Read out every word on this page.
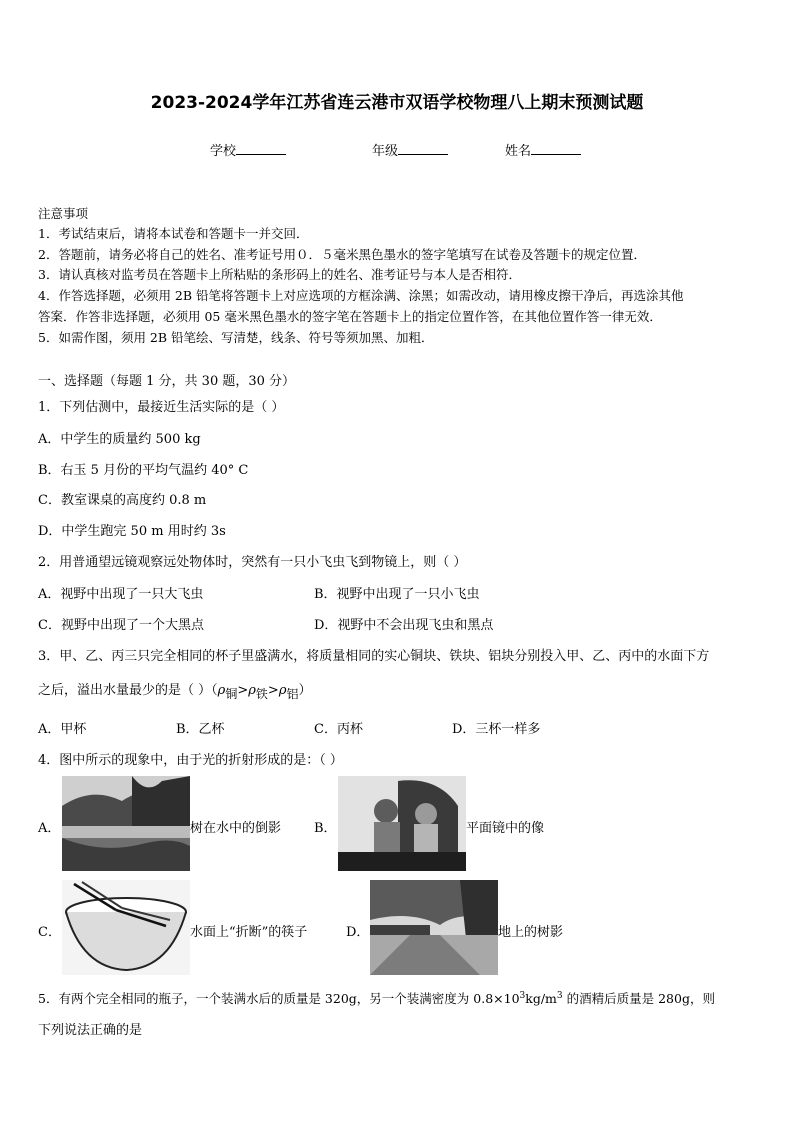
2023-2024学年江苏省连云港市双语学校物理八上期末预测试题
学校	年级	姓名
注意事项
1．考试结束后，请将本试卷和答题卡一并交回．
2．答题前，请务必将自己的姓名、准考证号用０．５毫米黑色墨水的签字笔填写在试卷及答题卡的规定位置．
3．请认真核对监考员在答题卡上所粘贴的条形码上的姓名、准考证号与本人是否相符．
4．作答选择题，必须用 2B 铅笔将答题卡上对应选项的方框涂满、涂黑；如需改动，请用橡皮擦干净后，再选涂其他
答案．作答非选择题，必须用 05 毫米黑色墨水的签字笔在答题卡上的指定位置作答，在其他位置作答一律无效．
5．如需作图，须用 2B 铅笔绘、写清楚，线条、符号等须加黑、加粗．
一、选择题（每题 1 分，共 30 题，30 分）
1．下列估测中，最接近生活实际的是（ ）
A．中学生的质量约 500 kg
B．右玉 5 月份的平均气温约 40° C
C．教室课桌的高度约 0.8 m
D．中学生跑完 50 m 用时约 3s
2．用普通望远镜观察远处物体时，突然有一只小飞虫飞到物镜上，则（ ）
A．视野中出现了一只大飞虫	B．视野中出现了一只小飞虫
C．视野中出现了一个大黑点	D．视野中不会出现飞虫和黑点
3．甲、乙、丙三只完全相同的杯子里盛满水，将质量相同的实心铜块、铁块、铝块分别投入甲、乙、丙中的水面下方
之后，溢出水量最少的是（ ）$(\rho_铜>\rho_铁>\rho_铝)$
A．甲杯	B．乙杯	C．丙杯	D．三杯一样多
4．图中所示的现象中，由于光的折射形成的是：（ ）
A．	树在水中的倒影	B．	平面镜中的像
C．	水面上“折断”的筷子	D．	地上的树影
5．有两个完全相同的瓶子，一个装满水后的质量是 320g，另一个装满密度为 $0.8\times 10^3kg/m^3$ 的酒精后质量是 280g，则
下列说法正确的是
